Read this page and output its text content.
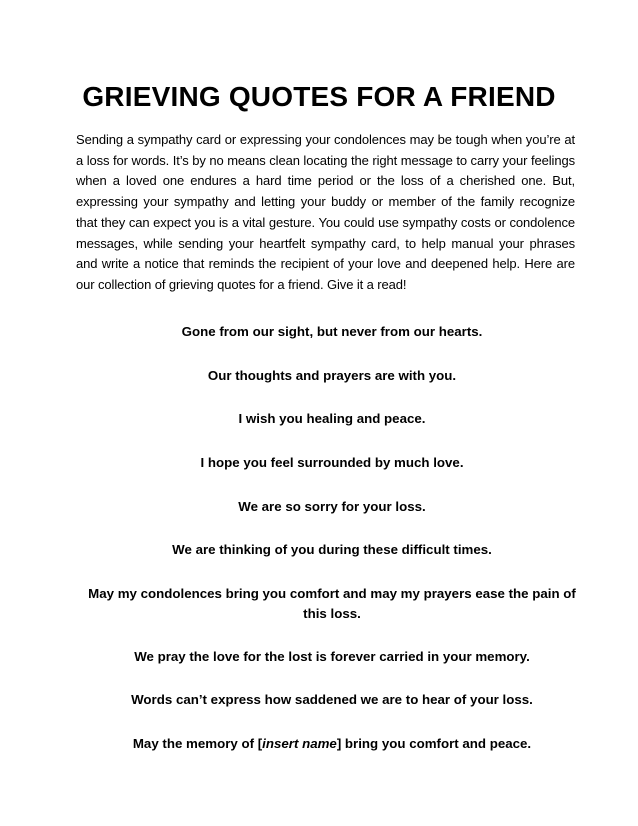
GRIEVING QUOTES FOR A FRIEND

Sending a sympathy card or expressing your condolences may be tough when you’re at a loss for words. It’s by no means clean locating the right message to carry your feelings when a loved one endures a hard time period or the loss of a cherished one. But, expressing your sympathy and letting your buddy or member of the family recognize that they can expect you is a vital gesture. You could use sympathy costs or condolence messages, while sending your heartfelt sympathy card, to help manual your phrases and write a notice that reminds the recipient of your love and deepened help. Here are our collection of grieving quotes for a friend. Give it a read!

Gone from our sight, but never from our hearts.

Our thoughts and prayers are with you.

I wish you healing and peace.

I hope you feel surrounded by much love.

We are so sorry for your loss.

We are thinking of you during these difficult times.

May my condolences bring you comfort and may my prayers ease the pain of this loss.

We pray the love for the lost is forever carried in your memory.

Words can’t express how saddened we are to hear of your loss.

May the memory of [insert name] bring you comfort and peace.
